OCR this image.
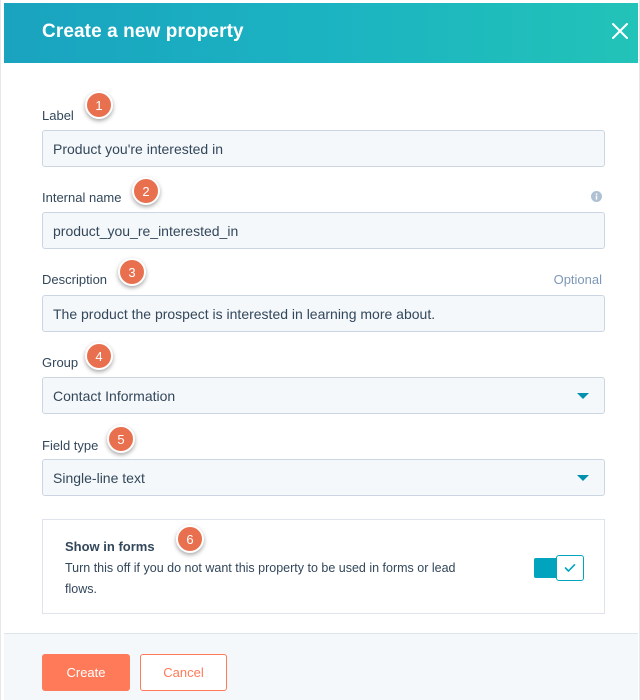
Create a new property
Label
1
Product you're interested in
Internal name	2
product_you_re_interested_in
Description	3	Optional
The product the prospect is interested in learning more about.
Group	4
Contact Information
Field type	5
Single-line text
Show in forms	6
Turn this off if you do not want this property to be used in forms or lead flows.
Create	Cancel
